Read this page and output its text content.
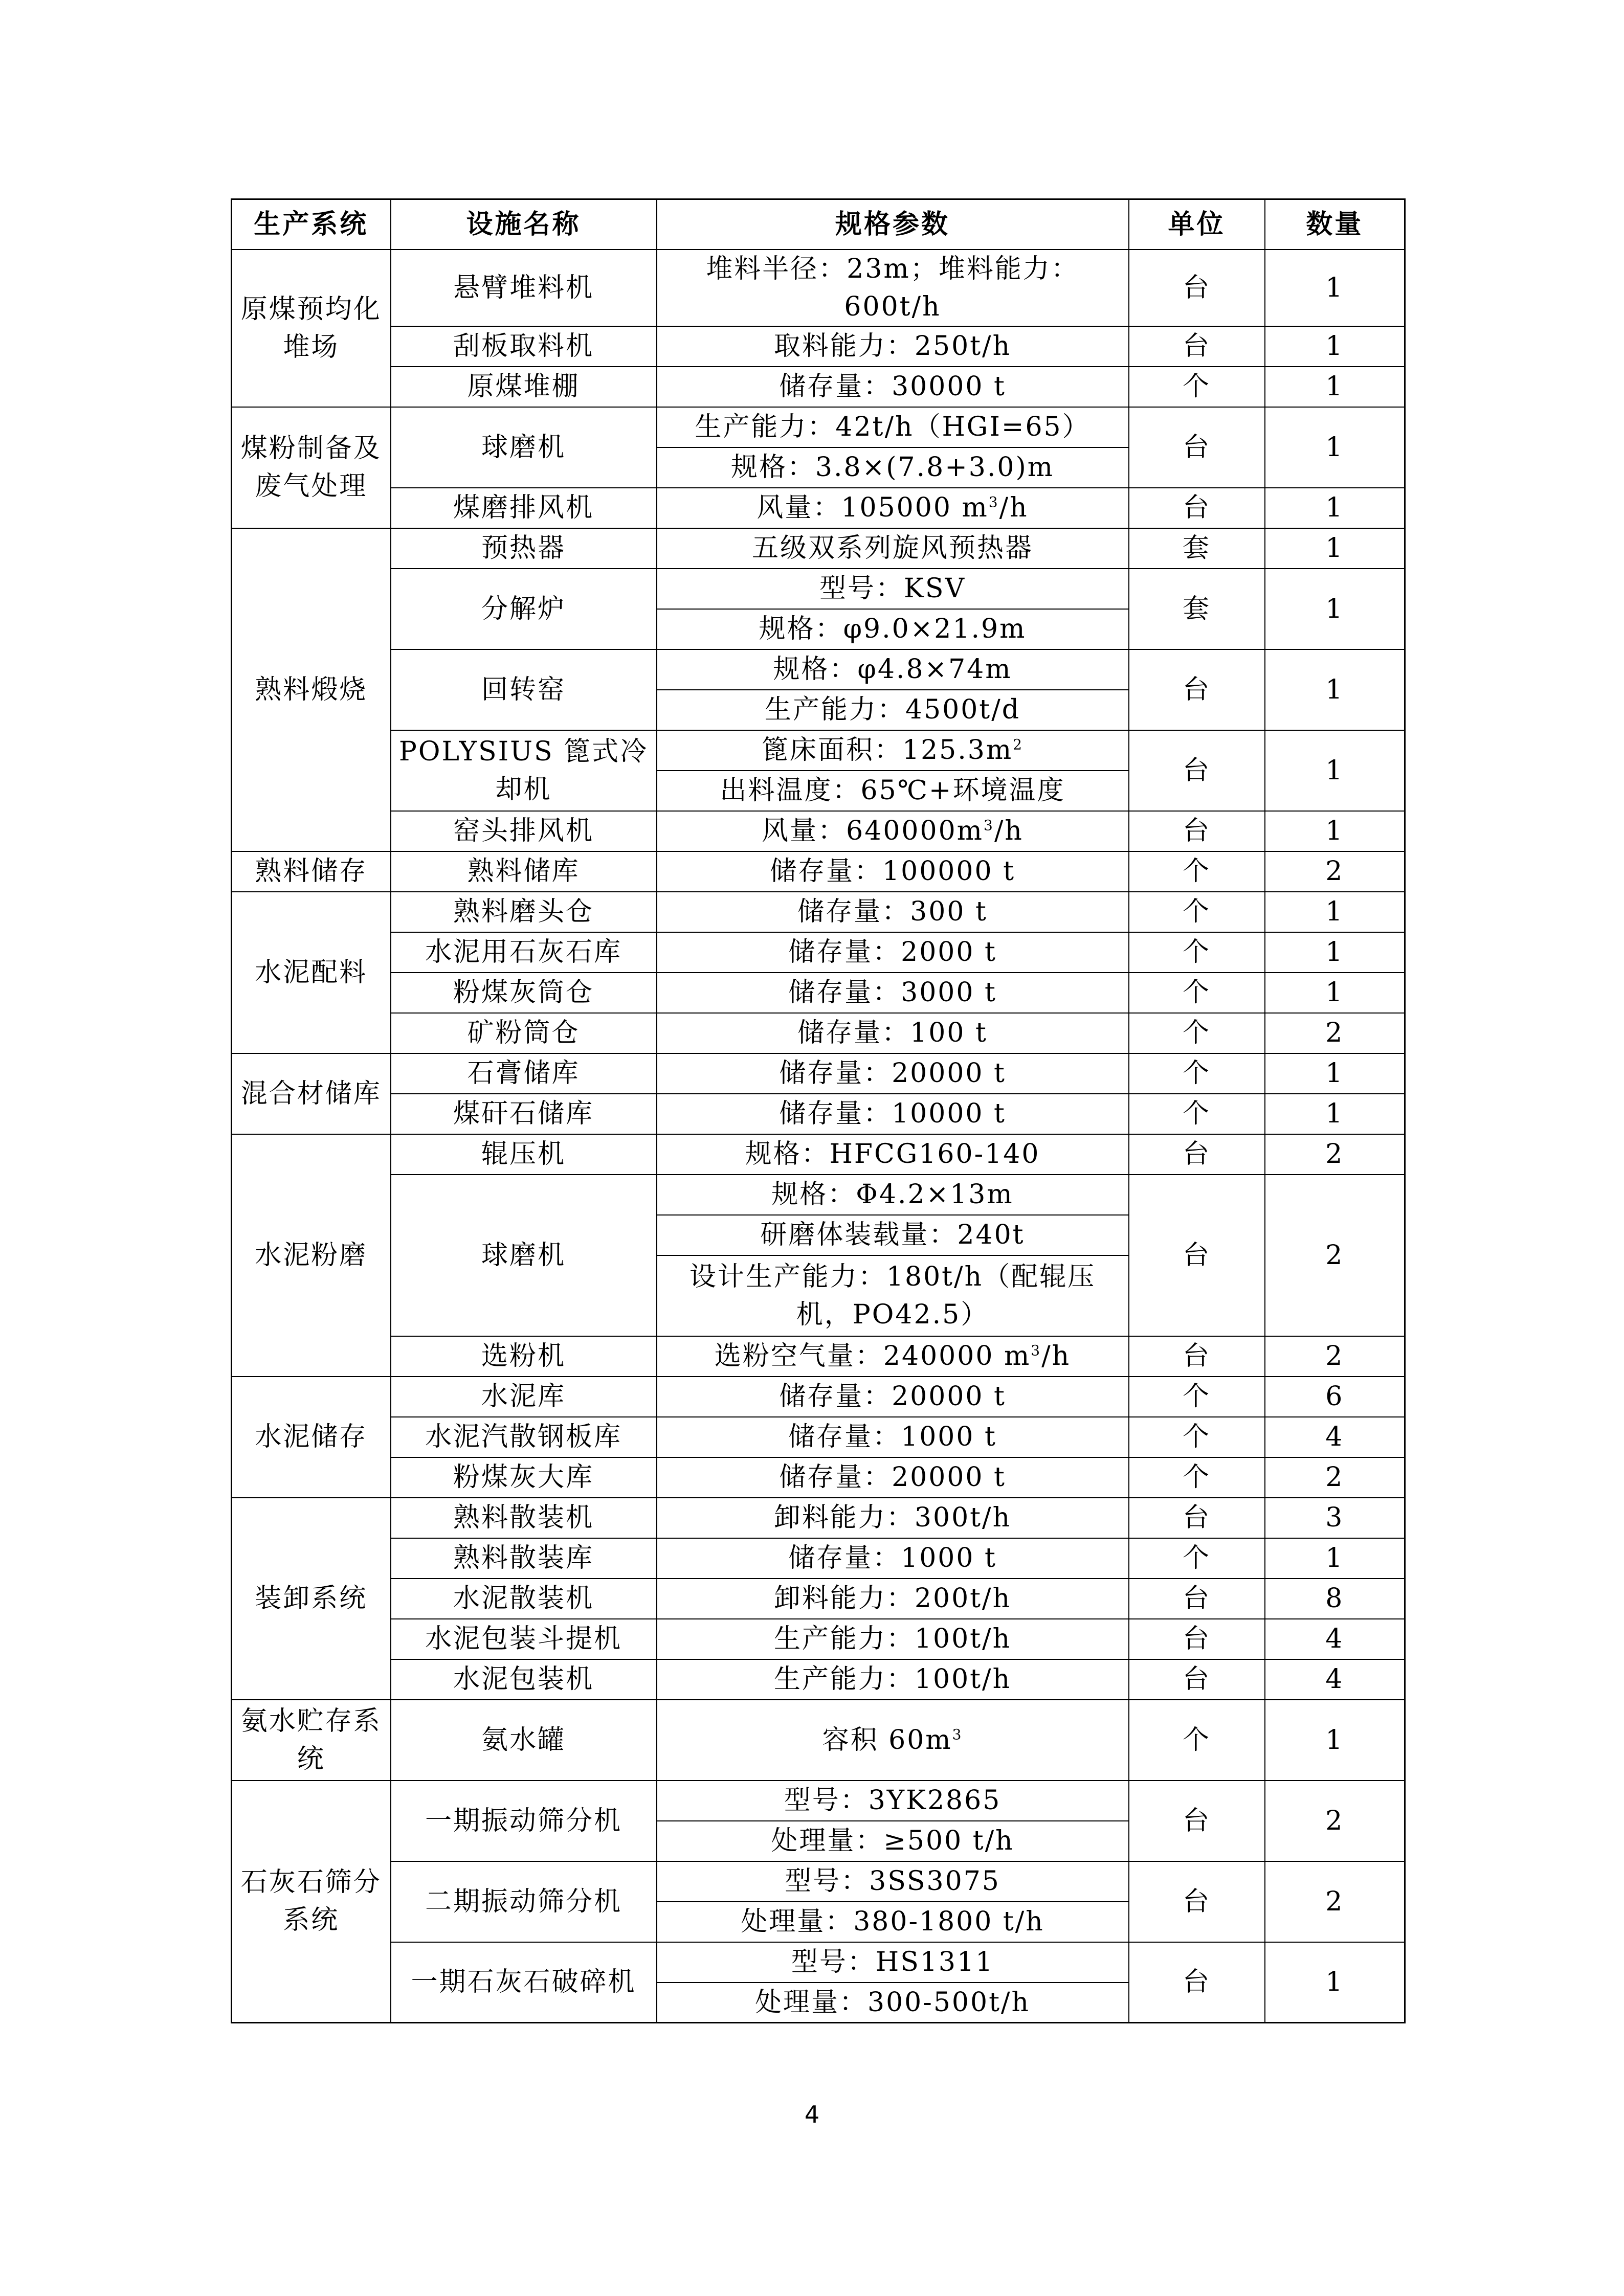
生产系统	设施名称	规格参数	单位	数量
原煤预均化堆场	悬臂堆料机	堆料半径：23m；堆料能力：600t/h	台	1
	刮板取料机	取料能力：250t/h	台	1
	原煤堆棚	储存量：30000 t	个	1
煤粉制备及废气处理	球磨机	生产能力：42t/h（HGI=65）	台	1
		规格：3.8×(7.8+3.0)m		
	煤磨排风机	风量：105000 $m^3/h$	台	1
熟料煅烧	预热器	五级双系列旋风预热器	套	1
	分解炉	型号：KSV	套	1
		规格：φ9.0×21.9m		
	回转窑	规格：φ4.8×74m	台	1
		生产能力：4500t/d		
	POLYSIUS 篦式冷却机	篦床面积：$125.3m^2$	台	1
		出料温度：65℃+环境温度		
	窑头排风机	风量：$640000m^3/h$	台	1
熟料储存	熟料储库	储存量：100000 t	个	2
水泥配料	熟料磨头仓	储存量：300 t	个	1
	水泥用石灰石库	储存量：2000 t	个	1
	粉煤灰筒仓	储存量：3000 t	个	1
	矿粉筒仓	储存量：100 t	个	2
混合材储库	石膏储库	储存量：20000 t	个	1
	煤矸石储库	储存量：10000 t	个	1
水泥粉磨	辊压机	规格：HFCG160-140	台	2
	球磨机	规格：Φ4.2×13m	台	2
		研磨体装载量：240t		
		设计生产能力：180t/h（配辊压机，PO42.5）		
	选粉机	选粉空气量：240000 $m^3/h$	台	2
水泥储存	水泥库	储存量：20000 t	个	6
	水泥汽散钢板库	储存量：1000 t	个	4
	粉煤灰大库	储存量：20000 t	个	2
装卸系统	熟料散装机	卸料能力：300t/h	台	3
	熟料散装库	储存量：1000 t	个	1
	水泥散装机	卸料能力：200t/h	台	8
	水泥包装斗提机	生产能力：100t/h	台	4
	水泥包装机	生产能力：100t/h	台	4
氨水贮存系统	氨水罐	容积 $60m^3$	个	1
石灰石筛分系统	一期振动筛分机	型号：3YK2865	台	2
		处理量：≥500 t/h		
	二期振动筛分机	型号：3SS3075	台	2
		处理量：380-1800 t/h		
	一期石灰石破碎机	型号：HS1311	台	1
		处理量：300-500t/h		
4
